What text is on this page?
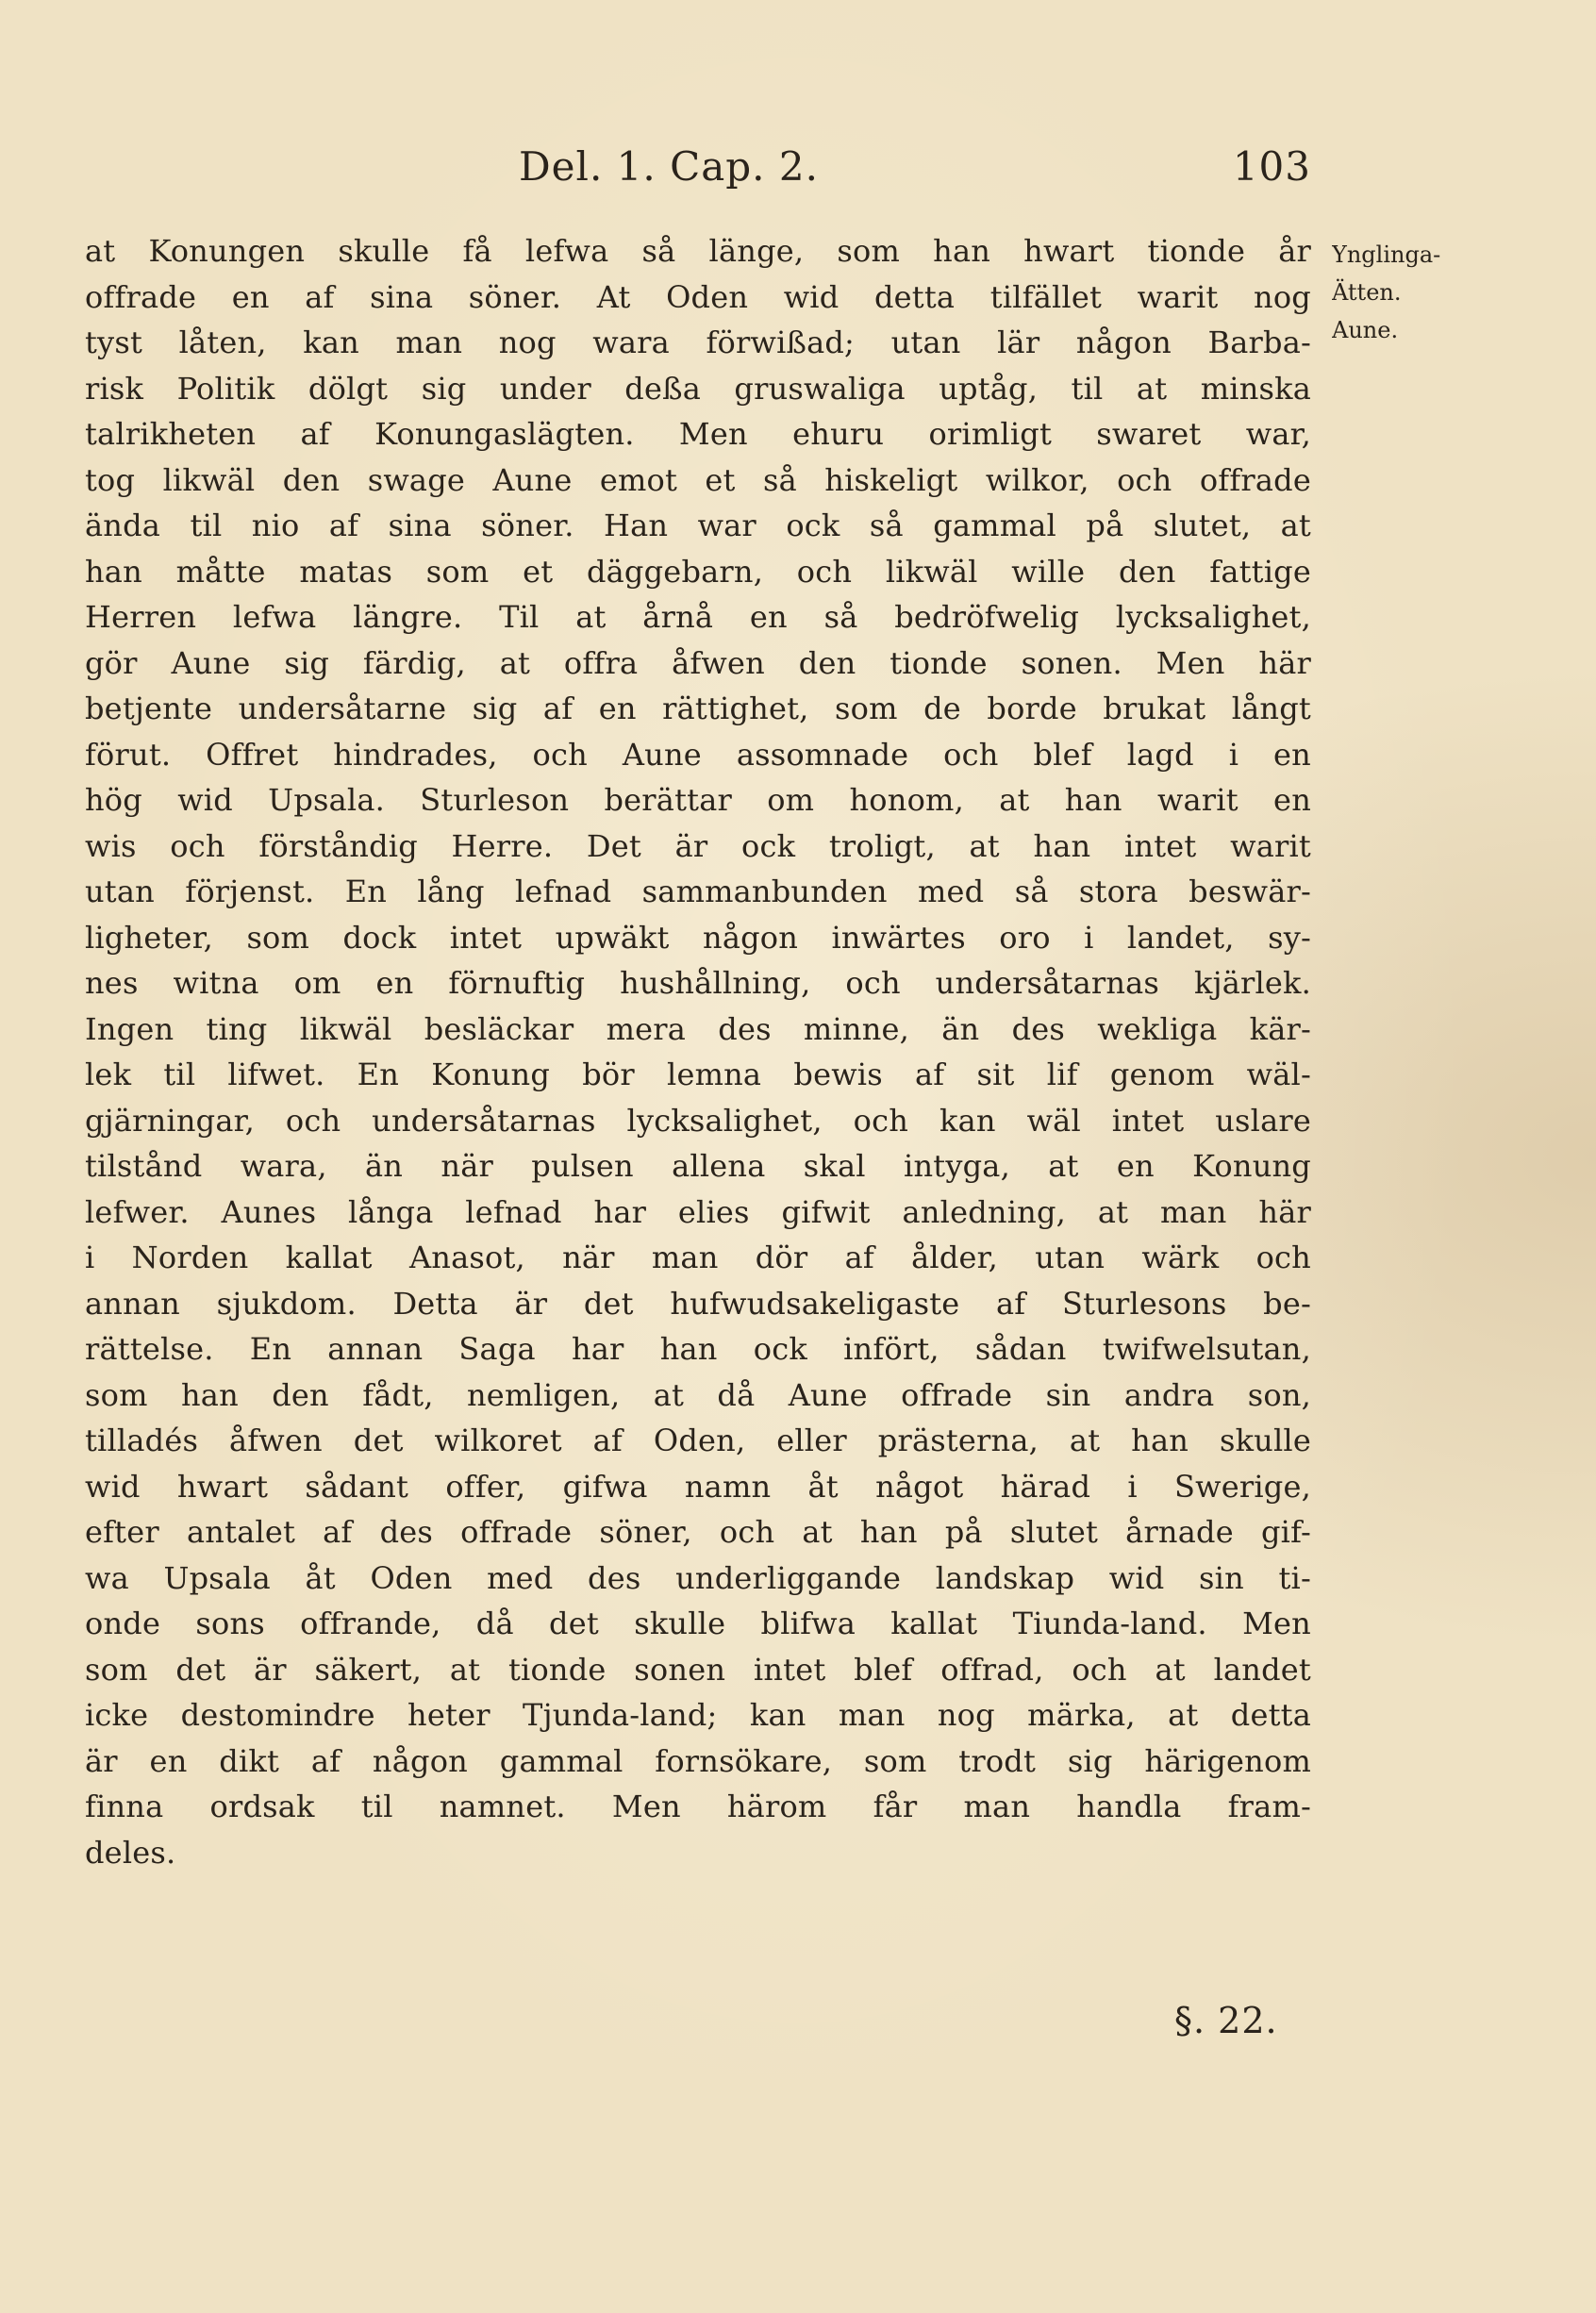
Del. 1. Cap. 2.	103
Ynglinga-
Ätten.
Aune.
at Konungen skulle få lefwa så länge, som han hwart tionde år
offrade en af sina söner. At Oden wid detta tilfället warit nog
tyst låten, kan man nog wara förwißad; utan lär någon Barba-
risk Politik dölgt sig under deßa gruswaliga uptåg, til at minska
talrikheten af Konungaslägten. Men ehuru orimligt swaret war,
tog likwäl den swage Aune emot et så hiskeligt wilkor, och offrade
ända til nio af sina söner. Han war ock så gammal på slutet, at
han måtte matas som et däggebarn, och likwäl wille den fattige
Herren lefwa längre. Til at årnå en så bedröfwelig lycksalighet,
gör Aune sig färdig, at offra åfwen den tionde sonen. Men här
betjente undersåtarne sig af en rättighet, som de borde brukat långt
förut. Offret hindrades, och Aune assomnade och blef lagd i en
hög wid Upsala. Sturleson berättar om honom, at han warit en
wis och förståndig Herre. Det är ock troligt, at han intet warit
utan förjenst. En lång lefnad sammanbunden med så stora beswär-
ligheter, som dock intet upwäkt någon inwärtes oro i landet, sy-
nes witna om en förnuftig hushållning, och undersåtarnas kjärlek.
Ingen ting likwäl besläckar mera des minne, än des wekliga kär-
lek til lifwet. En Konung bör lemna bewis af sit lif genom wäl-
gjärningar, och undersåtarnas lycksalighet, och kan wäl intet uslare
tilstånd wara, än när pulsen allena skal intyga, at en Konung
lefwer. Aunes långa lefnad har elies gifwit anledning, at man här
i Norden kallat Anasot, när man dör af ålder, utan wärk och
annan sjukdom. Detta är det hufwudsakeligaste af Sturlesons be-
rättelse. En annan Saga har han ock infört, sådan twifwelsutan,
som han den fådt, nemligen, at då Aune offrade sin andra son,
tilladés åfwen det wilkoret af Oden, eller prästerna, at han skulle
wid hwart sådant offer, gifwa namn åt något härad i Swerige,
efter antalet af des offrade söner, och at han på slutet årnade gif-
wa Upsala åt Oden med des underliggande landskap wid sin ti-
onde sons offrande, då det skulle blifwa kallat Tiunda-land. Men
som det är säkert, at tionde sonen intet blef offrad, och at landet
icke destomindre heter Tjunda-land; kan man nog märka, at detta
är en dikt af någon gammal fornsökare, som trodt sig härigenom
finna ordsak til namnet. Men härom får man handla fram-
deles.
§. 22.
